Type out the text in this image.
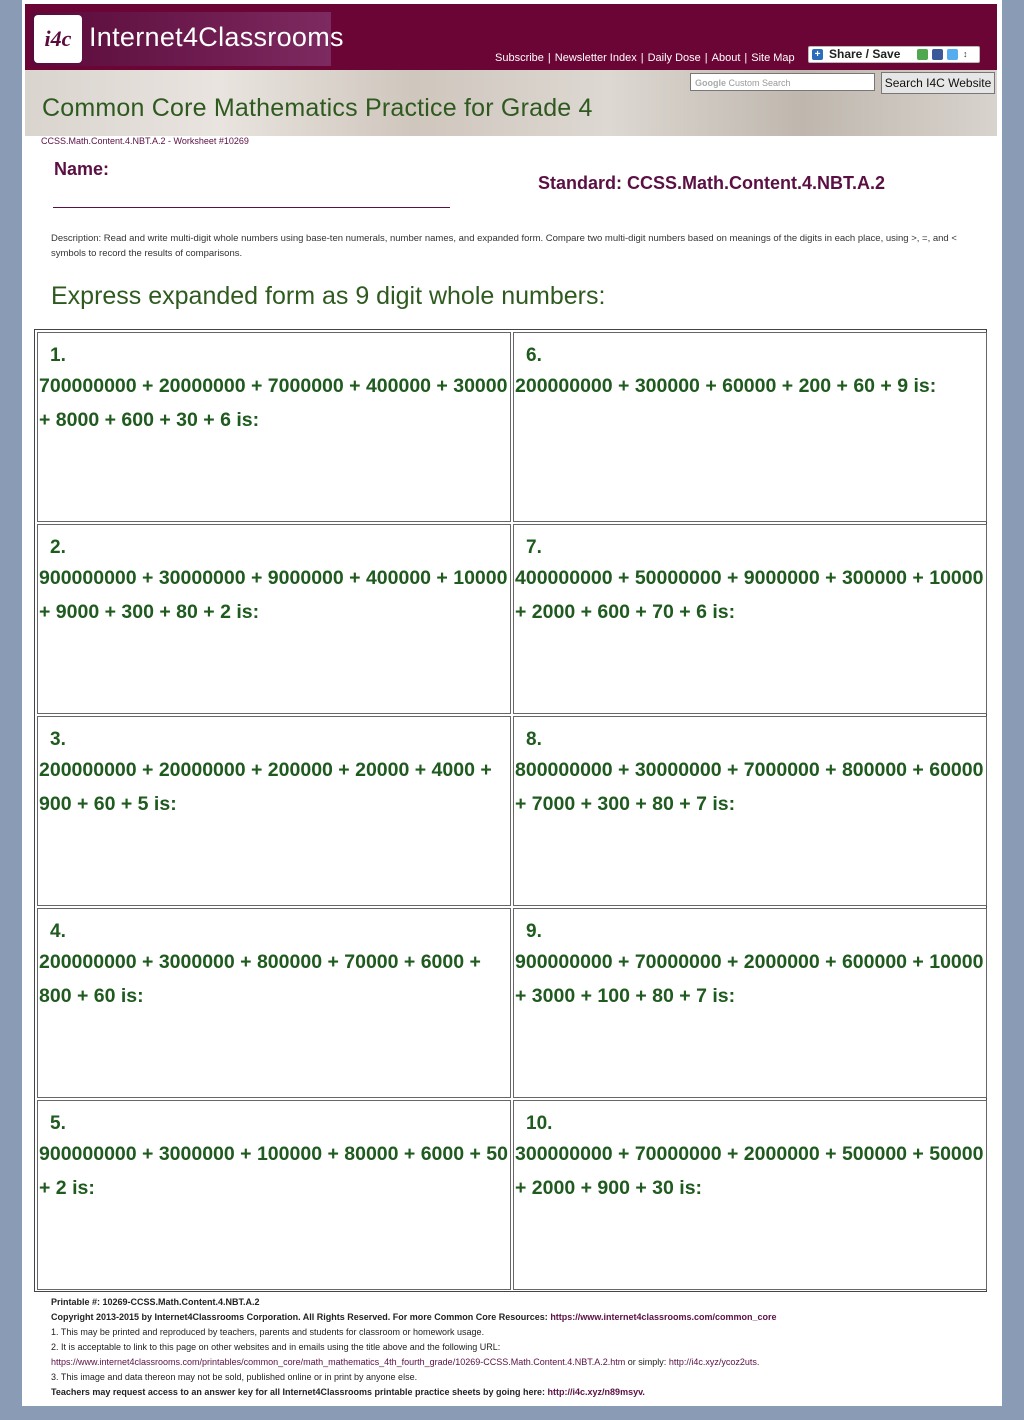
i4c Internet4Classrooms
Subscribe | Newsletter Index | Daily Dose | About | Site Map + Share / Save	↕
Google Custom Search	Search I4C Website
Common Core Mathematics Practice for Grade 4
CCSS.Math.Content.4.NBT.A.2 - Worksheet #10269
Name:
Standard: CCSS.Math.Content.4.NBT.A.2
Description: Read and write multi-digit whole numbers using base-ten numerals, number names, and expanded form. Compare two multi-digit numbers based on meanings of the digits in each place, using >, =, and < symbols to record the results of comparisons.
Express expanded form as 9 digit whole numbers:
1.
700000000 + 20000000 + 7000000 + 400000 + 30000 + 8000 + 600 + 30 + 6 is:
2.
900000000 + 30000000 + 9000000 + 400000 + 10000 + 9000 + 300 + 80 + 2 is:
3.
200000000 + 20000000 + 200000 + 20000 + 4000 + 900 + 60 + 5 is:
4.
200000000 + 3000000 + 800000 + 70000 + 6000 + 800 + 60 is:
5.
900000000 + 3000000 + 100000 + 80000 + 6000 + 50 + 2 is:
6.
200000000 + 300000 + 60000 + 200 + 60 + 9 is:
7.
400000000 + 50000000 + 9000000 + 300000 + 10000 + 2000 + 600 + 70 + 6 is:
8.
800000000 + 30000000 + 7000000 + 800000 + 60000 + 7000 + 300 + 80 + 7 is:
9.
900000000 + 70000000 + 2000000 + 600000 + 10000 + 3000 + 100 + 80 + 7 is:
10.
300000000 + 70000000 + 2000000 + 500000 + 50000 + 2000 + 900 + 30 is:
Printable #: 10269-CCSS.Math.Content.4.NBT.A.2
Copyright 2013-2015 by Internet4Classrooms Corporation. All Rights Reserved. For more Common Core Resources: https://www.internet4classrooms.com/common_core
1. This may be printed and reproduced by teachers, parents and students for classroom or homework usage.
2. It is acceptable to link to this page on other websites and in emails using the title above and the following URL:
https://www.internet4classrooms.com/printables/common_core/math_mathematics_4th_fourth_grade/10269-CCSS.Math.Content.4.NBT.A.2.htm or simply: http://i4c.xyz/ycoz2uts.
3. This image and data thereon may not be sold, published online or in print by anyone else.
Teachers may request access to an answer key for all Internet4Classrooms printable practice sheets by going here: http://i4c.xyz/n89msyv.
